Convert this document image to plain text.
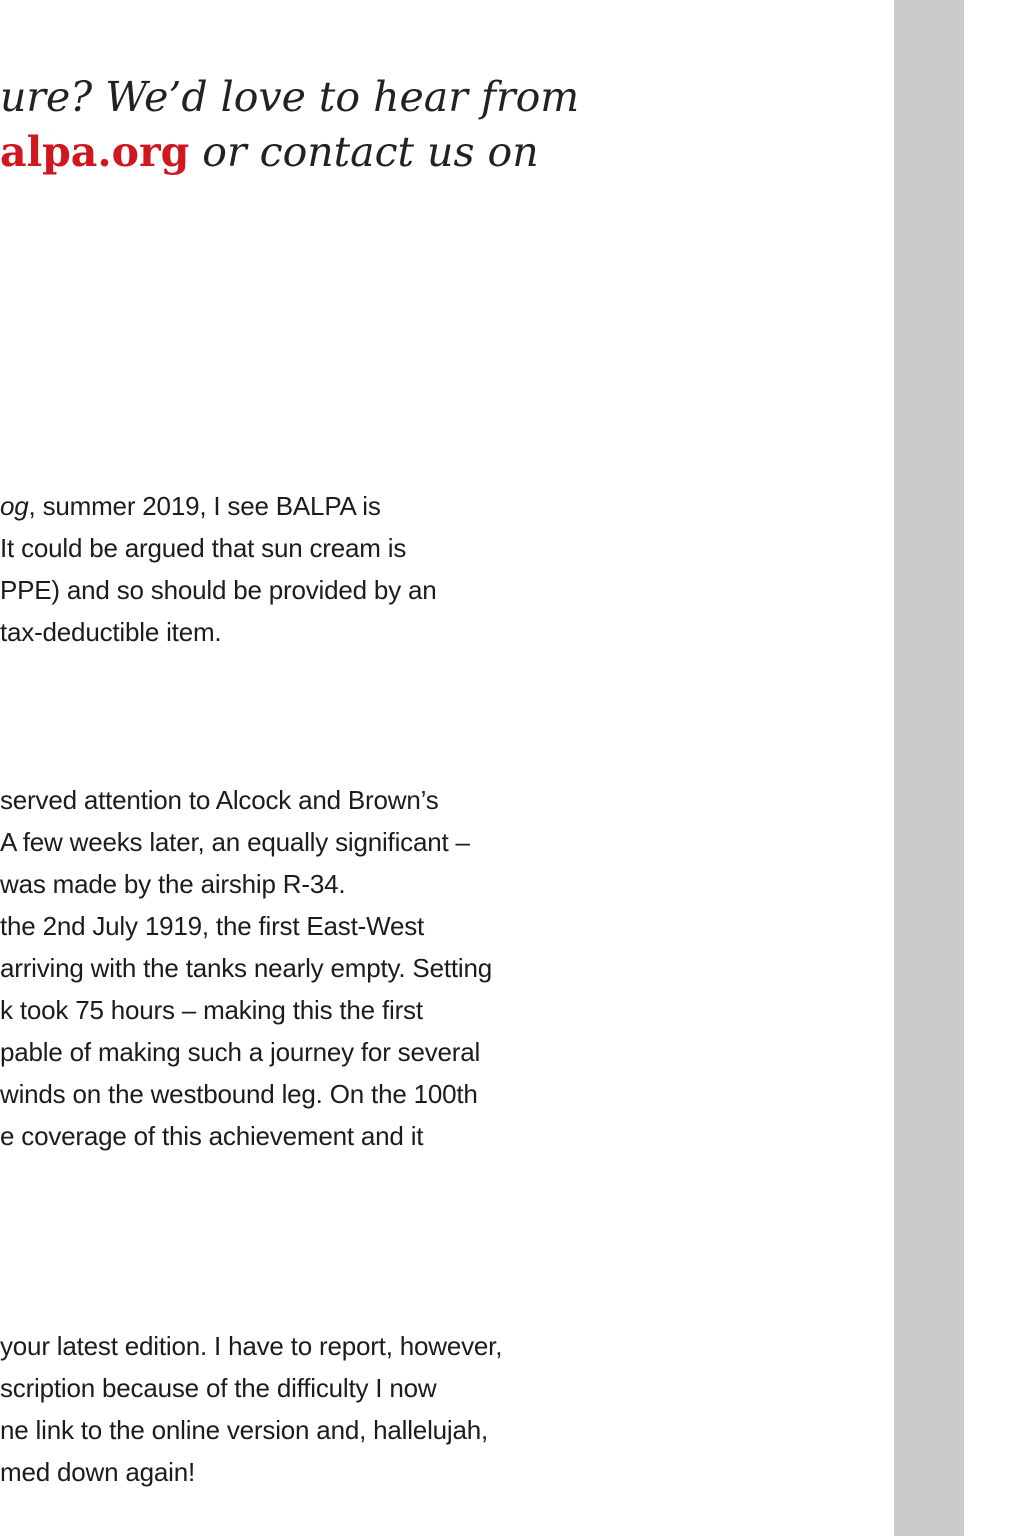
ure? We’d love to hear from
alpa.org or contact us on

og, summer 2019, I see BALPA is
It could be argued that sun cream is
PPE) and so should be provided by an
tax-deductible item.

served attention to Alcock and Brown’s
A few weeks later, an equally significant –
was made by the airship R-34.
the 2nd July 1919, the first East-West
arriving with the tanks nearly empty. Setting
k took 75 hours – making this the first
pable of making such a journey for several
winds on the westbound leg. On the 100th
e coverage of this achievement and it

your latest edition. I have to report, however,
scription because of the difficulty I now
ne link to the online version and, hallelujah,
med down again!
